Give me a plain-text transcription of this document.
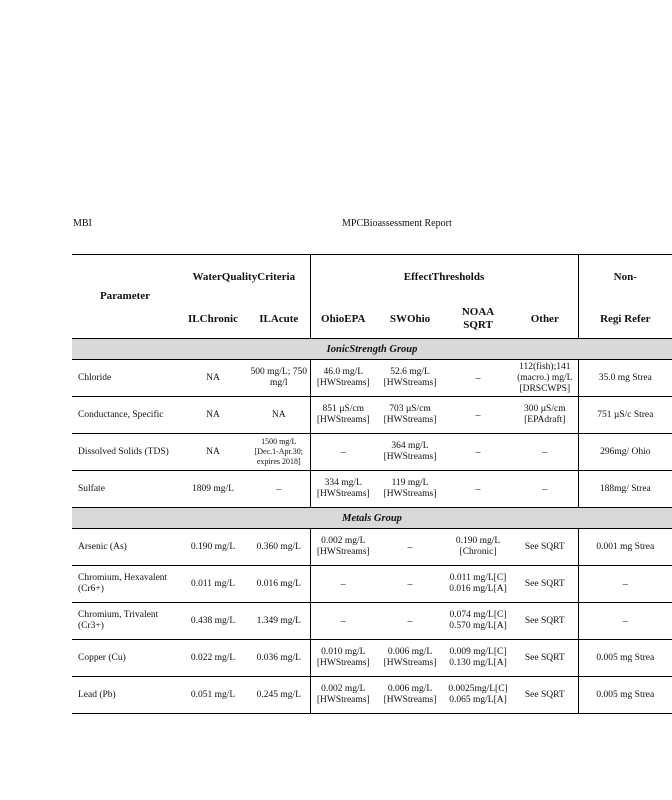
MBI	MPCBioassessment Report
Parameter	WaterQualityCriteria		EffectThresholds				Non-
	ILChronic	ILAcute	OhioEPA	SWOhio	NOAA SQRT	Other	Regi Refer
IonicStrength Group							
Chloride	NA	500 mg/L; 750 mg/l	46.0 mg/L [HWStreams]	52.6 mg/L [HWStreams]	–	112(fish);141 (macro.) mg/L [DRSCWPS]	35.0 mg Strea
Conductance, Specific	NA	NA	851 µS/cm [HWStreams]	703 µS/cm [HWStreams]	–	300 µS/cm [EPAdraft]	751 µS/c Strea
Dissolved Solids (TDS)	NA	1500 mg/L [Dec.1-Apr.30; expires 2018]	–	364 mg/L [HWStreams]	–	–	296mg/ Ohio
Sulfate	1809 mg/L	–	334 mg/L [HWStreams]	119 mg/L [HWStreams]	–	–	188mg/ Strea
Metals Group							
Arsenic (As)	0.190 mg/L	0.360 mg/L	0.002 mg/L [HWStreams]	–	0.190 mg/L [Chronic]	See SQRT	0.001 mg Strea
Chromium, Hexavalent (Cr6+)	0.011 mg/L	0.016 mg/L	–	–	0.011 mg/L[C] 0.016 mg/L[A]	See SQRT	–
Chromium, Trivalent (Cr3+)	0.438 mg/L	1.349 mg/L	–	–	0.074 mg/L[C] 0.570 mg/L[A]	See SQRT	–
Copper (Cu)	0.022 mg/L	0.036 mg/L	0.010 mg/L [HWStreams]	0.006 mg/L [HWStreams]	0.009 mg/L[C] 0.130 mg/L[A]	See SQRT	0.005 mg Strea
Lead (Pb)	0.051 mg/L	0.245 mg/L	0.002 mg/L [HWStreams]	0.006 mg/L [HWStreams]	0.0025mg/L[C] 0.065 mg/L[A]	See SQRT	0.005 mg Strea
